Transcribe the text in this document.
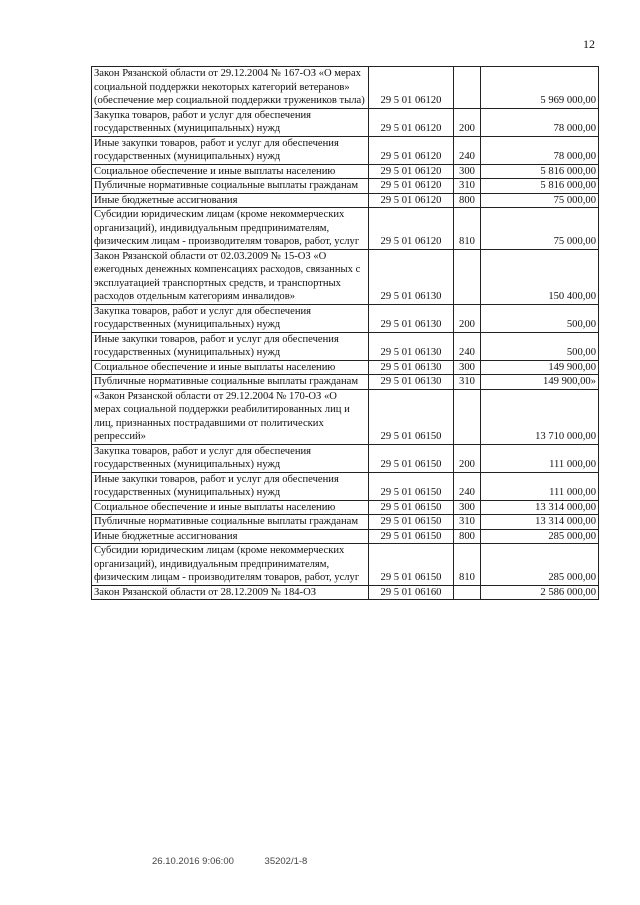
12
Закон Рязанской области от 29.12.2004 № 167-ОЗ «О мерах социальной поддержки некоторых категорий ветеранов» (обеспечение мер социальной поддержки тружеников тыла)	29 5 01 06120		5 969 000,00
Закупка товаров, работ и услуг для обеспечения государственных (муниципальных) нужд	29 5 01 06120	200	78 000,00
Иные закупки товаров, работ и услуг для обеспечения государственных (муниципальных) нужд	29 5 01 06120	240	78 000,00
Социальное обеспечение и иные выплаты населению	29 5 01 06120	300	5 816 000,00
Публичные нормативные социальные выплаты гражданам	29 5 01 06120	310	5 816 000,00
Иные бюджетные ассигнования	29 5 01 06120	800	75 000,00
Субсидии юридическим лицам (кроме некоммерческих организаций), индивидуальным предпринимателям, физическим лицам - производителям товаров, работ, услуг	29 5 01 06120	810	75 000,00
Закон Рязанской области от 02.03.2009 № 15-ОЗ «О ежегодных денежных компенсациях расходов, связанных с эксплуатацией транспортных средств, и транспортных расходов отдельным категориям инвалидов»	29 5 01 06130		150 400,00
Закупка товаров, работ и услуг для обеспечения государственных (муниципальных) нужд	29 5 01 06130	200	500,00
Иные закупки товаров, работ и услуг для обеспечения государственных (муниципальных) нужд	29 5 01 06130	240	500,00
Социальное обеспечение и иные выплаты населению	29 5 01 06130	300	149 900,00
Публичные нормативные социальные выплаты гражданам	29 5 01 06130	310	149 900,00»
«Закон Рязанской области от 29.12.2004 № 170-ОЗ «О мерах социальной поддержки реабилитированных лиц и лиц, признанных пострадавшими от политических репрессий»	29 5 01 06150		13 710 000,00
Закупка товаров, работ и услуг для обеспечения государственных (муниципальных) нужд	29 5 01 06150	200	111 000,00
Иные закупки товаров, работ и услуг для обеспечения государственных (муниципальных) нужд	29 5 01 06150	240	111 000,00
Социальное обеспечение и иные выплаты населению	29 5 01 06150	300	13 314 000,00
Публичные нормативные социальные выплаты гражданам	29 5 01 06150	310	13 314 000,00
Иные бюджетные ассигнования	29 5 01 06150	800	285 000,00
Субсидии юридическим лицам (кроме некоммерческих организаций), индивидуальным предпринимателям, физическим лицам - производителям товаров, работ, услуг	29 5 01 06150	810	285 000,00
Закон Рязанской области от 28.12.2009 № 184-ОЗ	29 5 01 06160		2 586 000,00
26.10.2016 9:06:00	35202/1-8
